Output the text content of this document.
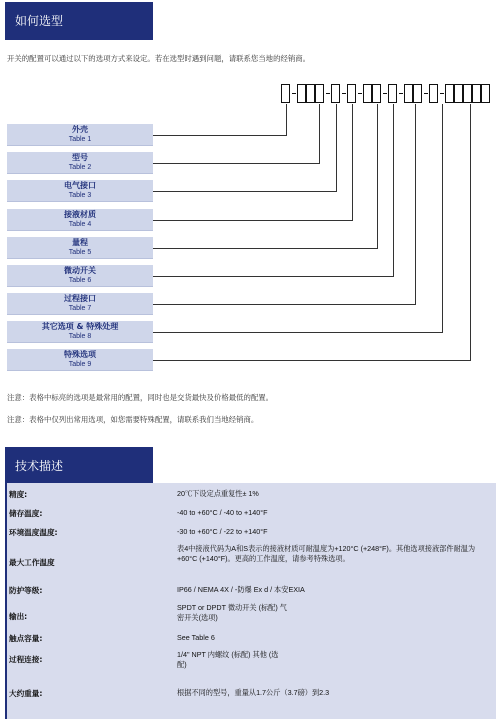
如何选型
开关的配置可以通过以下的选项方式来设定。若在选型时遇到问题，请联系您当地的经销商。
外壳
Table 1
型号
Table 2
电气接口
Table 3
接液材质
Table 4
量程
Table 5
微动开关
Table 6
过程接口
Table 7
其它选项 & 特殊处理
Table 8
特殊选项
Table 9
注意：表格中标亮的选项是最常用的配置，同时也是交货最快及价格最低的配置。
注意：表格中仅列出常用选项，如您需要特殊配置，请联系我们当地经销商。
技术描述
精度:	20℃下设定点重复性± 1%
储存温度:	-40 to +60°C / -40 to +140°F
环境温度温度:	-30 to +60°C / -22 to +140°F
最大工作温度
表4中接液代码为A和S表示的接液材质可耐温度为+120°C (+248°F)。其他选项接液部件耐温为+60°C (+140°F)。更高的工作温度，请参考特殊选项。
防护等级:	IP66 / NEMA 4X / -防爆 Ex d / 本安EXIA
输出:
SPDT or DPDT 微动开关 (标配) 气密开关(选项)
触点容量:	See Table 6
过程连接:
1/4" NPT 内螺纹 (标配) 其他 (选配)
大约重量:	根据不同的型号，重量从1.7公斤（3.7磅）到2.3
